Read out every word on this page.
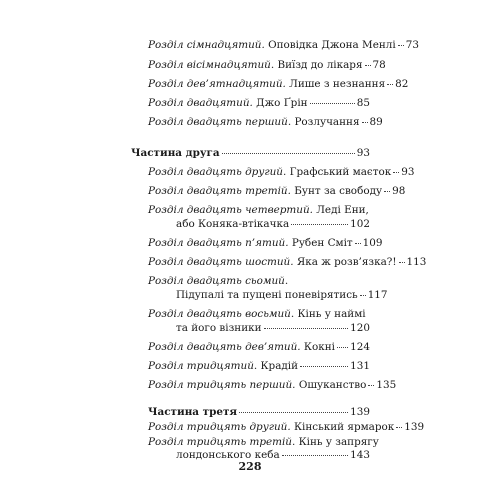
Розділ сімнадцятий. Оповідка Джона Менлі 73
Розділ вісімнадцятий. Виїзд до лікаря 78
Розділ дев’ятнадцятий. Лише з незнання 82
Розділ двадцятий. Джо Ґрін	85
Розділ двадцять перший. Розлучання 89
Частина друга	93
Розділ двадцять другий. Графський маєток 93
Розділ двадцять третій. Бунт за свободу 98
Розділ двадцять четвертий. Леді Ени,
або Коняка-втікачка	102
Розділ двадцять п’ятий. Рубен Сміт 109
Розділ двадцять шостий. Яка ж розв’язка?! 113
Розділ двадцять сьомий.
Підупалі та пущені поневірятись 117
Розділ двадцять восьмий. Кінь у наймі
та його візники	120
Розділ двадцять дев’ятий. Кокні 124
Розділ тридцятий. Крадій	131
Розділ тридцять перший. Ошуканство 135
Частина третя	139
Розділ тридцять другий. Кінський ярмарок 139
Розділ тридцять третій. Кінь у запрягу
лондонського кеба	143
228
